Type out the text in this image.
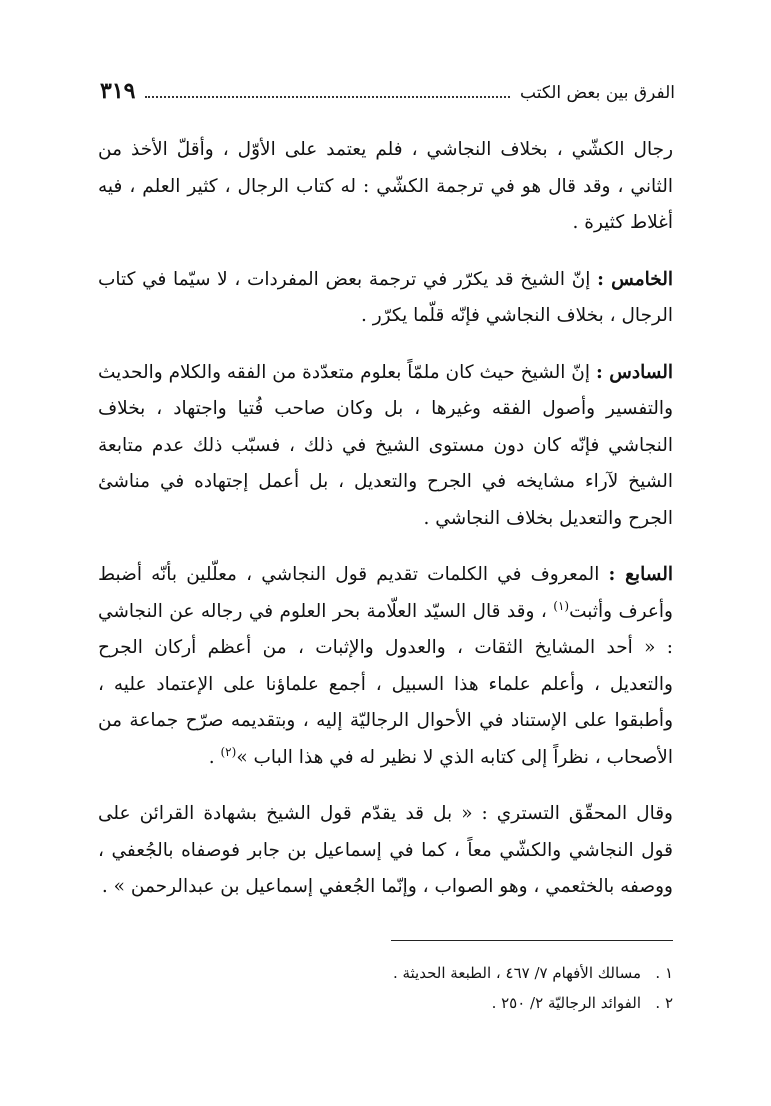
الفرق بين بعض الكتب
٣١٩

رجال الكشّي ، بخلاف النجاشي ، فلم يعتمد على الأوّل ، وأقلّ الأخذ من الثاني ، وقد قال هو في ترجمة الكشّي : له كتاب الرجال ، كثير العلم ، فيه أغلاط كثيرة .

الخامس : إنّ الشيخ قد يكرّر في ترجمة بعض المفردات ، لا سيّما في كتاب الرجال ، بخلاف النجاشي فإنّه قلّما يكرّر .

السادس : إنّ الشيخ حيث كان ملمّاً بعلوم متعدّدة من الفقه والكلام والحديث والتفسير وأصول الفقه وغيرها ، بل وكان صاحب فُتيا واجتهاد ، بخلاف النجاشي فإنّه كان دون مستوى الشيخ في ذلك ، فسبّب ذلك عدم متابعة الشيخ لآراء مشايخه في الجرح والتعديل ، بل أعمل إجتهاده في مناشئ الجرح والتعديل بخلاف النجاشي .

السابع : المعروف في الكلمات تقديم قول النجاشي ، معلّلين بأنّه أضبط وأعرف وأثبت$^{(١)}$ ، وقد قال السيّد العلّامة بحر العلوم في رجاله عن النجاشي : « أحد المشايخ الثقات ، والعدول والإثبات ، من أعظم أركان الجرح والتعديل ، وأعلم علماء هذا السبيل ، أجمع علماؤنا على الإعتماد عليه ، وأطبقوا على الإستناد في الأحوال الرجاليّة إليه ، وبتقديمه صرّح جماعة من الأصحاب ، نظراً إلى كتابه الذي لا نظير له في هذا الباب »$^{(٢)}$ .

وقال المحقّق التستري : « بل قد يقدّم قول الشيخ بشهادة القرائن على قول النجاشي والكشّي معاً ، كما في إسماعيل بن جابر فوصفاه بالجُعفي ، ووصفه بالخثعمي ، وهو الصواب ، وإنّما الجُعفي إسماعيل بن عبدالرحمن » .

١ .
مسالك الأفهام ٧/ ٤٦٧ ، الطبعة الحديثة .
٢ .
الفوائد الرجاليّة ٢/ ٢٥٠ .
